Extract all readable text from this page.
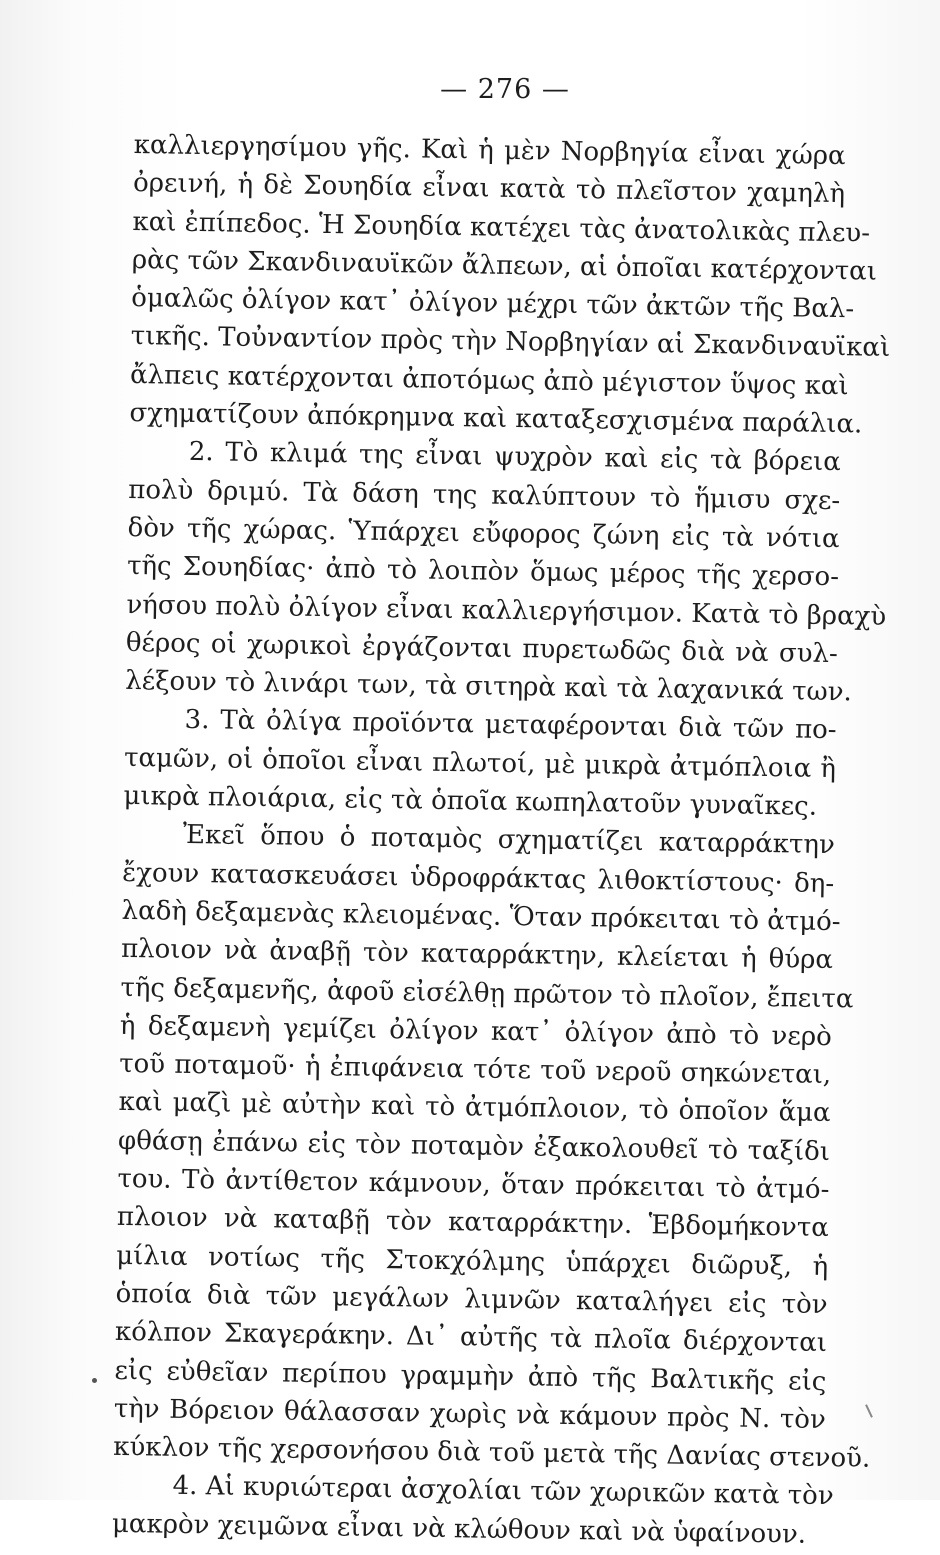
— 276 —
καλλιεργησίμου γῆς. Καὶ ἡ μὲν Νορβηγία εἶναι χώρα
ὀρεινή, ἡ δὲ Σουηδία εἶναι κατὰ τὸ πλεῖστον χαμηλὴ
καὶ ἐπίπεδος. Ἡ Σουηδία κατέχει τὰς ἀνατολικὰς πλευ-
ρὰς τῶν Σκανδιναυϊκῶν ἄλπεων, αἱ ὁποῖαι κατέρχονται
ὁμαλῶς ὀλίγον κατ᾽ ὀλίγον μέχρι τῶν ἀκτῶν τῆς Βαλ-
τικῆς. Τοὐναντίον πρὸς τὴν Νορβηγίαν αἱ Σκανδιναυϊκαὶ
ἄλπεις κατέρχονται ἀποτόμως ἀπὸ μέγιστον ὕψος καὶ
σχηματίζουν ἀπόκρημνα καὶ καταξεσχισμένα παράλια.
2. Τὸ κλιμά της εἶναι ψυχρὸν καὶ εἰς τὰ βόρεια
πολὺ δριμύ. Τὰ δάση της καλύπτουν τὸ ἥμισυ σχε-
δὸν τῆς χώρας. Ὑπάρχει εὔφορος ζώνη εἰς τὰ νότια
τῆς Σουηδίας· ἀπὸ τὸ λοιπὸν ὅμως μέρος τῆς χερσο-
νήσου πολὺ ὀλίγον εἶναι καλλιεργήσιμον. Κατὰ τὸ βραχὺ
θέρος οἱ χωρικοὶ ἐργάζονται πυρετωδῶς διὰ νὰ συλ-
λέξουν τὸ λινάρι των, τὰ σιτηρὰ καὶ τὰ λαχανικά των.
3. Τὰ ὀλίγα προϊόντα μεταφέρονται διὰ τῶν πο-
ταμῶν, οἱ ὁποῖοι εἶναι πλωτοί, μὲ μικρὰ ἀτμόπλοια ἢ
μικρὰ πλοιάρια, εἰς τὰ ὁποῖα κωπηλατοῦν γυναῖκες.
Ἐκεῖ ὅπου ὁ ποταμὸς σχηματίζει καταρράκτην
ἔχουν κατασκευάσει ὑδροφράκτας λιθοκτίστους· δη-
λαδὴ δεξαμενὰς κλειομένας. Ὅταν πρόκειται τὸ ἀτμό-
πλοιον νὰ ἀναβῇ τὸν καταρράκτην, κλείεται ἡ θύρα
τῆς δεξαμενῆς, ἀφοῦ εἰσέλθῃ πρῶτον τὸ πλοῖον, ἔπειτα
ἡ δεξαμενὴ γεμίζει ὀλίγον κατ᾽ ὀλίγον ἀπὸ τὸ νερὸ
τοῦ ποταμοῦ· ἡ ἐπιφάνεια τότε τοῦ νεροῦ σηκώνεται,
καὶ μαζὶ μὲ αὐτὴν καὶ τὸ ἀτμόπλοιον, τὸ ὁποῖον ἅμα
φθάσῃ ἐπάνω εἰς τὸν ποταμὸν ἐξακολουθεῖ τὸ ταξίδι
του. Τὸ ἀντίθετον κάμνουν, ὅταν πρόκειται τὸ ἀτμό-
πλοιον νὰ καταβῇ τὸν καταρράκτην. Ἑβδομήκοντα
μίλια νοτίως τῆς Στοκχόλμης ὑπάρχει διῶρυξ, ἡ
ὁποία διὰ τῶν μεγάλων λιμνῶν καταλήγει εἰς τὸν
κόλπον Σκαγεράκην. Δι᾽ αὐτῆς τὰ πλοῖα διέρχονται
εἰς εὐθεῖαν περίπου γραμμὴν ἀπὸ τῆς Βαλτικῆς εἰς
τὴν Βόρειον θάλασσαν χωρὶς νὰ κάμουν πρὸς Ν. τὸν
κύκλον τῆς χερσονήσου διὰ τοῦ μετὰ τῆς Δανίας στενοῦ.
4. Αἱ κυριώτεραι ἀσχολίαι τῶν χωρικῶν κατὰ τὸν
μακρὸν χειμῶνα εἶναι νὰ κλώθουν καὶ νὰ ὑφαίνουν.
